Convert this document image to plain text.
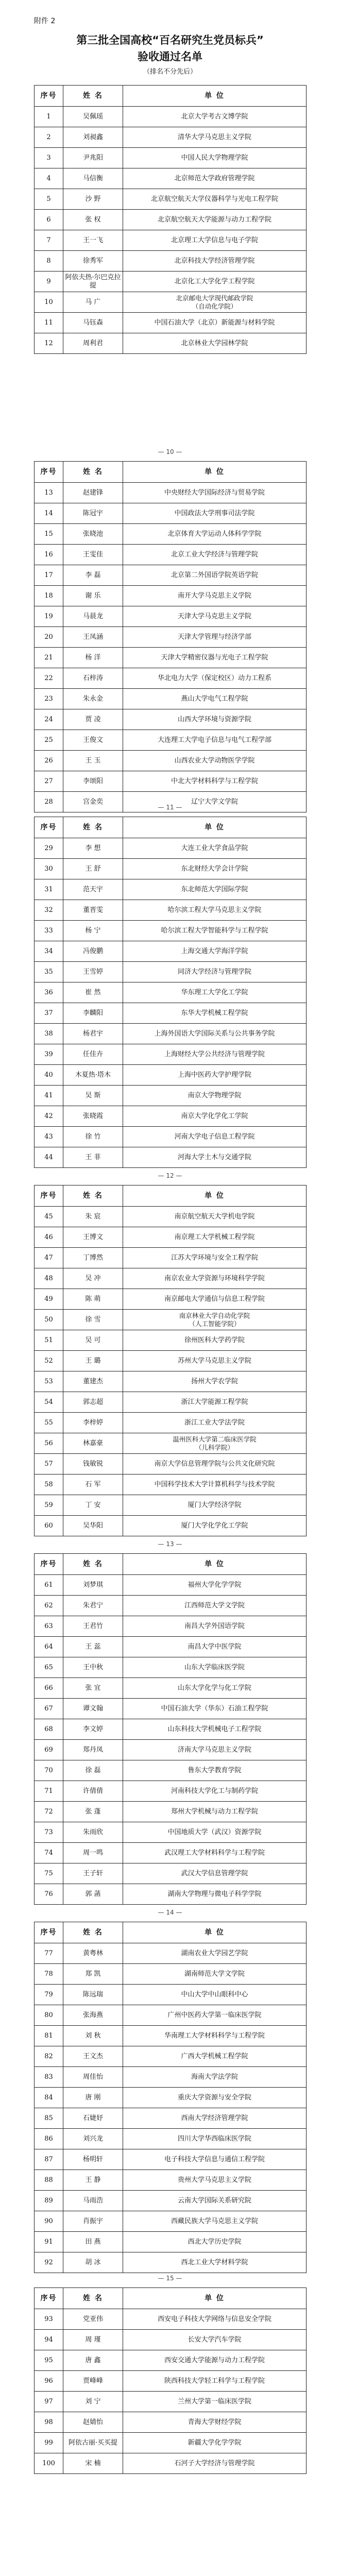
附件 2
第三批全国高校“百名研究生党员标兵”
验收通过名单
（排名不分先后）
序号	姓 名	单 位
1	吴佩瑶	北京大学考古文博学院
2	刘昶鑫	清华大学马克思主义学院
3	尹兆阳	中国人民大学物理学院
4	马信衡	北京师范大学政府管理学院
5	沙 野	北京航空航天大学仪器科学与光电工程学院
6	张 权	北京航空航天大学能源与动力工程学院
7	王一飞	北京理工大学信息与电子学院
8	徐秀军	北京科技大学经济管理学院
9	阿依夫热·尔巴克拉提	北京化工大学化学工程学院
10	马 广	北京邮电大学现代邮政学院
（自动化学院）
11	马钰森	中国石油大学（北京）新能源与材料学院
12	周利君	北京林业大学园林学院
序号	姓 名	单 位
13	赵建锋	中央财经大学国际经济与贸易学院
14	陈冠宇	中国政法大学刑事司法学院
15	张晓池	北京体育大学运动人体科学学院
16	王雯佳	北京工业大学经济与管理学院
17	李 磊	北京第二外国语学院英语学院
18	谢 乐	南开大学马克思主义学院
19	马晨龙	天津大学马克思主义学院
20	王凤涵	天津大学管理与经济学部
21	杨 洋	天津大学精密仪器与光电子工程学院
22	石梓涛	华北电力大学（保定校区）动力工程系
23	朱永金	燕山大学电气工程学院
24	贾 凌	山西大学环境与资源学院
25	王俊文	大连理工大学电子信息与电气工程学部
26	王 玉	山西农业大学动物医学学院
27	李颂阳	中北大学材料科学与工程学院
28	宫金奕	辽宁大学文学院
序号	姓 名	单 位
29	李 想	大连工业大学食品学院
30	王 舒	东北财经大学会计学院
31	范天宇	东北师范大学国际学院
32	董晋雯	哈尔滨工程大学马克思主义学院
33	杨 宁	哈尔滨工程大学智能科学与工程学院
34	冯俊鹏	上海交通大学海洋学院
35	王雪婷	同济大学经济与管理学院
36	崔 然	华东理工大学化工学院
37	李麟阳	东华大学机械工程学院
38	杨君宇	上海外国语大学国际关系与公共事务学院
39	任佳卉	上海财经大学公共经济与管理学院
40	木夏热·塔木	上海中医药大学护理学院
41	吴 斯	南京大学物理学院
42	张晓霞	南京大学化学化工学院
43	徐 竹	河南大学电子信息工程学院
44	王 菲	河海大学土木与交通学院
序号	姓 名	单 位
45	朱 宸	南京航空航天大学机电学院
46	王博文	南京理工大学机械工程学院
47	丁博然	江苏大学环境与安全工程学院
48	吴 冲	南京农业大学资源与环境科学学院
49	陈 萌	南京邮电大学通信与信息工程学院
50	徐 雪	南京林业大学自动化学院
（人工智能学院）
51	吴 可	徐州医科大学药学院
52	王 璐	苏州大学马克思主义学院
53	董建杰	扬州大学农学院
54	郭志超	浙江大学能源工程学院
55	李梓婷	浙江工业大学法学院
56	林嘉豪	温州医科大学第二临床医学院
（儿科学院）
57	钱敏锐	南京大学信息管理学院与公共文化研究院
58	石 军	中国科学技术大学计算机科学与技术学院
59	丁 安	厦门大学经济学院
60	吴华阳	厦门大学化学化工学院
序号	姓 名	单 位
61	刘梦琪	福州大学化学学院
62	朱君宁	江西师范大学文学院
63	王君竹	南昌大学外国语学院
64	王 蕊	南昌大学中医学院
65	王中秋	山东大学临床医学院
66	张 宜	山东大学化学与化工学院
67	谭文翰	中国石油大学（华东）石油工程学院
68	李文婷	山东科技大学机械电子工程学院
69	郑丹凤	济南大学马克思主义学院
70	徐 磊	鲁东大学教育学院
71	许倩倩	河南科技大学化工与制药学院
72	张 蓬	郑州大学机械与动力工程学院
73	朱雨欣	中国地质大学（武汉）资源学院
74	周一鸣	武汉理工大学材料科学与工程学院
75	王子轩	武汉大学信息管理学院
76	郭 菡	湖南大学物理与微电子科学学院
序号	姓 名	单 位
77	黄粤林	湖南农业大学园艺学院
78	郑 凯	湖南师范大学文学院
79	陈远瑞	中山大学中山眼科中心
80	张海燕	广州中医药大学第一临床医学院
81	刘 秋	华南理工大学材料科学与工程学院
82	王文杰	广西大学机械工程学院
83	周佳怡	海南大学法学院
84	唐 刚	重庆大学资源与安全学院
85	石婕妤	西南大学经济管理学院
86	刘兴龙	四川大学华西临床医学院
87	杨明轩	电子科技大学信息与通信工程学院
88	王 静	贵州大学马克思主义学院
89	马雨浩	云南大学国际关系研究院
90	肖振宇	西藏民族大学马克思主义学院
91	田 燕	西北大学历史学院
92	胡 冰	西北工业大学材料学院
序号	姓 名	单 位
93	党亚伟	西安电子科技大学网络与信息安全学院
94	周 瑾	长安大学汽车学院
95	唐 鑫	西安交通大学能源与动力工程学院
96	贾峰峰	陕西科技大学轻工科学与工程学院
97	刘 宁	兰州大学第一临床医学院
98	赵婧怡	青海大学财经学院
99	阿依古丽·买买提	新疆大学化学学院
100	宋 楠	石河子大学经济与管理学院
— 10 —
— 11 —
— 12 —
— 13 —
— 14 —
— 15 —
